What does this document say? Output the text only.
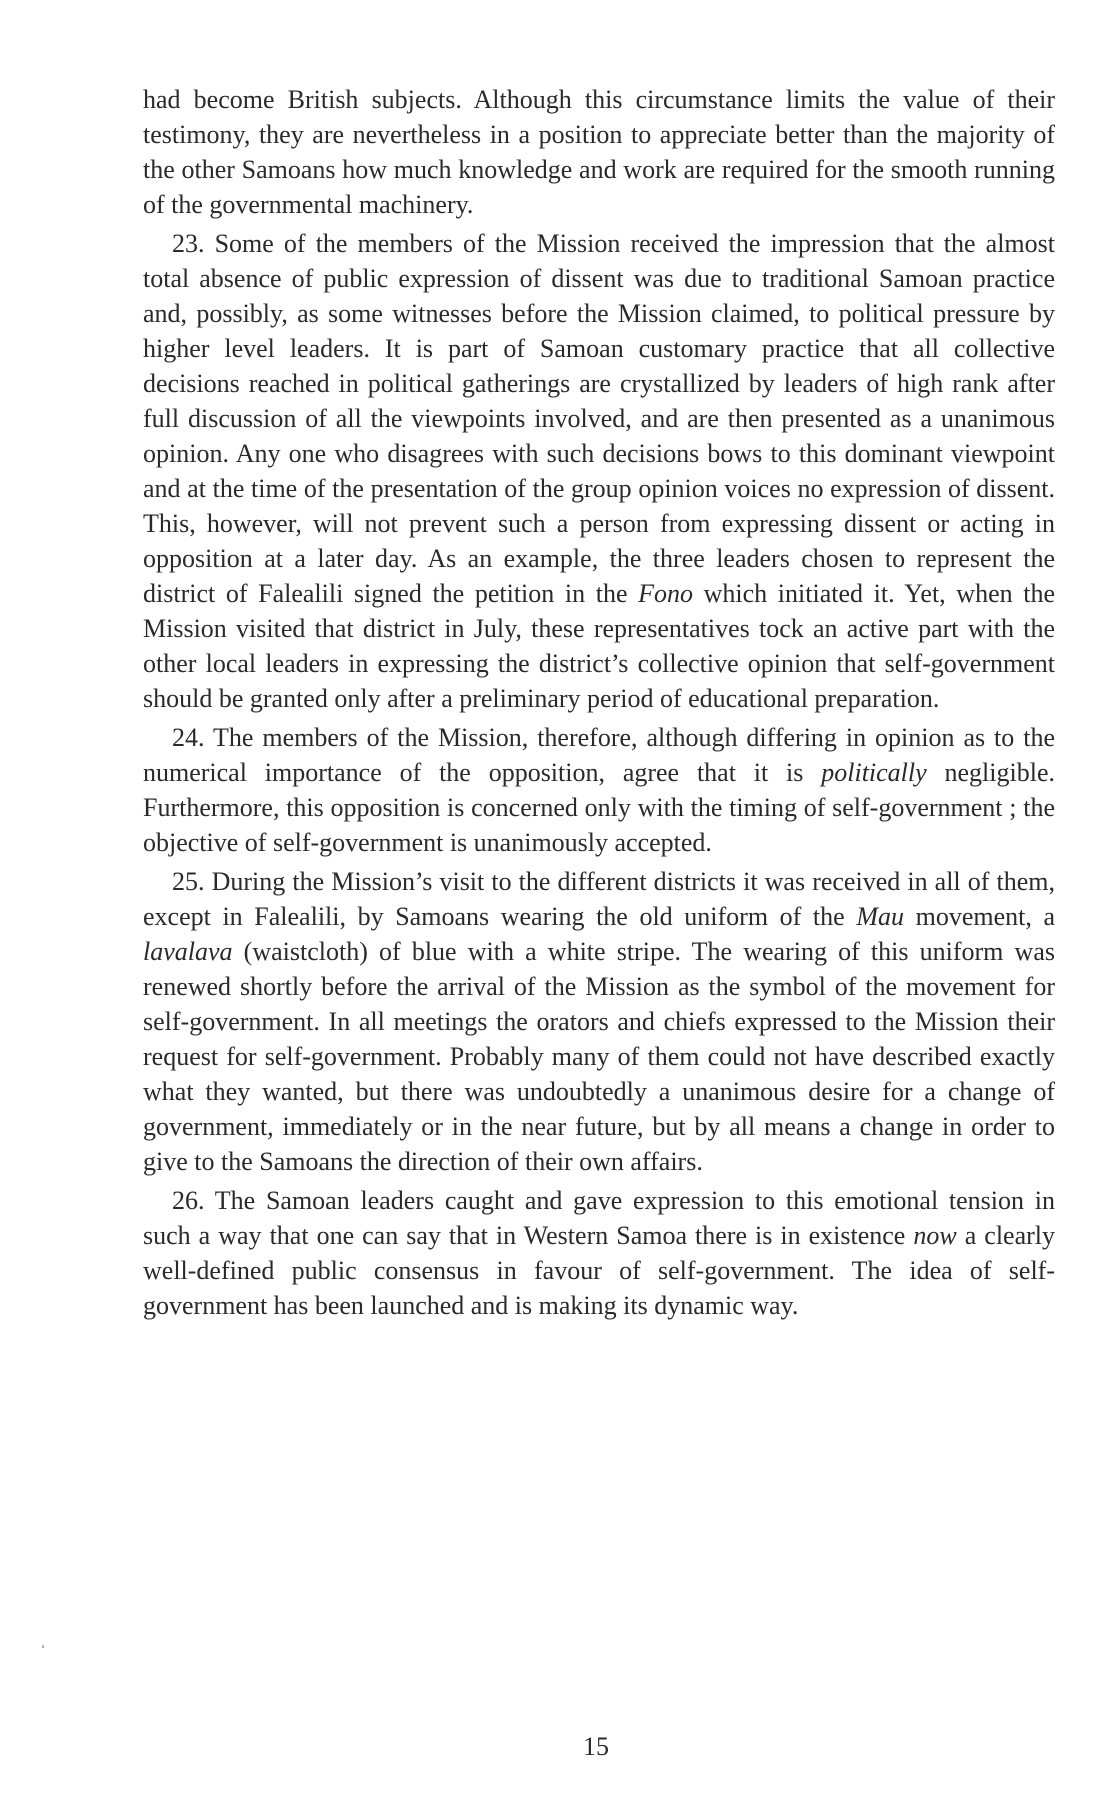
had become British subjects. Although this circumstance limits the value of their testimony, they are nevertheless in a position to appreciate better than the majority of the other Samoans how much knowledge and work are required for the smooth running of the governmental machinery.

23. Some of the members of the Mission received the impression that the almost total absence of public expression of dissent was due to traditional Samoan practice and, possibly, as some witnesses before the Mission claimed, to political pressure by higher level leaders. It is part of Samoan customary practice that all collective decisions reached in political gatherings are crystallized by leaders of high rank after full discussion of all the viewpoints involved, and are then presented as a unanimous opinion. Any one who disagrees with such decisions bows to this dominant viewpoint and at the time of the presentation of the group opinion voices no expression of dissent. This, however, will not prevent such a person from expressing dissent or acting in opposition at a later day. As an example, the three leaders chosen to represent the district of Falealili signed the petition in the Fono which initiated it. Yet, when the Mission visited that district in July, these representatives tock an active part with the other local leaders in expressing the district’s collective opinion that self-government should be granted only after a preliminary period of educational preparation.

24. The members of the Mission, therefore, although differing in opinion as to the numerical importance of the opposition, agree that it is politically negligible. Furthermore, this opposition is concerned only with the timing of self-government ; the objective of self-government is unanimously accepted.

25. During the Mission’s visit to the different districts it was received in all of them, except in Falealili, by Samoans wearing the old uniform of the Mau movement, a lavalava (waistcloth) of blue with a white stripe. The wearing of this uniform was renewed shortly before the arrival of the Mission as the symbol of the movement for self-government. In all meetings the orators and chiefs expressed to the Mission their request for self-government. Probably many of them could not have described exactly what they wanted, but there was undoubtedly a unanimous desire for a change of government, immediately or in the near future, but by all means a change in order to give to the Samoans the direction of their own affairs.

26. The Samoan leaders caught and gave expression to this emotional tension in such a way that one can say that in Western Samoa there is in existence now a clearly well-defined public consensus in favour of self-government. The idea of self-government has been launched and is making its dynamic way.

ˌ
15
